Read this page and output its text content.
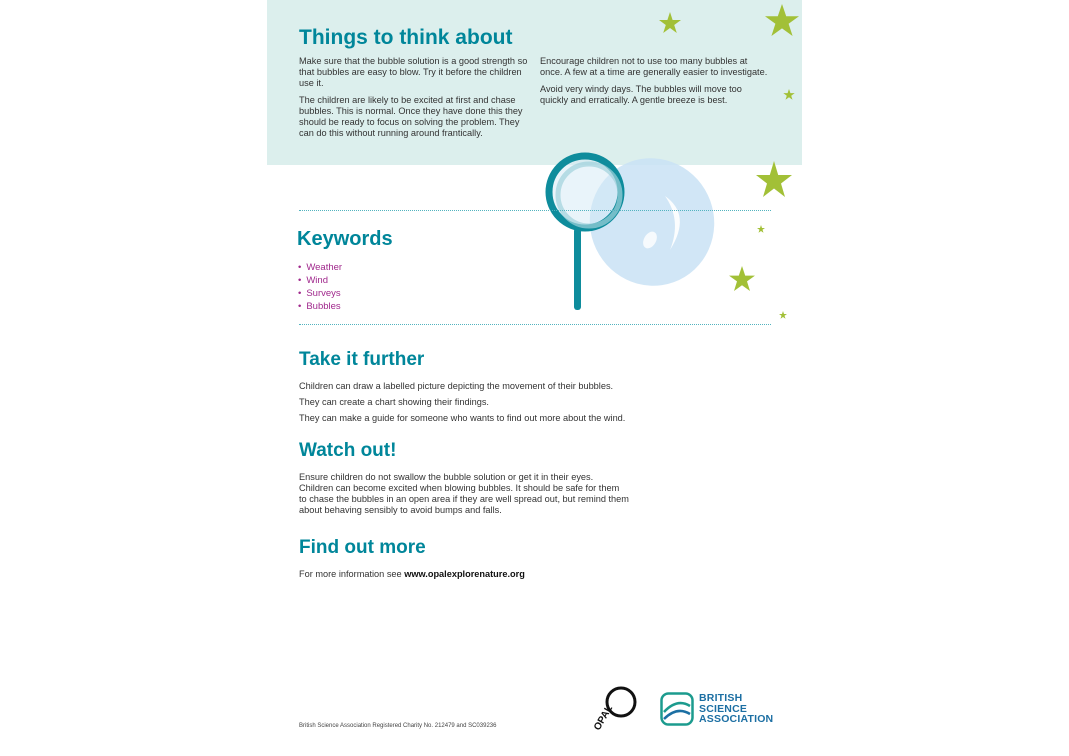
Things to think about

Make sure that the bubble solution is a good strength so that bubbles are easy to blow. Try it before the children use it.

The children are likely to be excited at first and chase bubbles. This is normal. Once they have done this they should be ready to focus on solving the problem. They can do this without running around frantically.

Encourage children not to use too many bubbles at once. A few at a time are generally easier to investigate.

Avoid very windy days. The bubbles will move too quickly and erratically. A gentle breeze is best.

Keywords
• Weather
• Wind
• Surveys
• Bubbles
Take it further

Children can draw a labelled picture depicting the movement of their bubbles.

They can create a chart showing their findings.

They can make a guide for someone who wants to find out more about the wind.

Watch out!
Ensure children do not swallow the bubble solution or get it in their eyes.
Children can become excited when blowing bubbles. It should be safe for them
to chase the bubbles in an open area if they are well spread out, but remind them
about behaving sensibly to avoid bumps and falls.
Find out more
For more information see www.opalexplorenature.org
British Science Association Registered Charity No. 212479 and SC039236	OPAL
BRITISH
SCIENCE
ASSOCIATION
